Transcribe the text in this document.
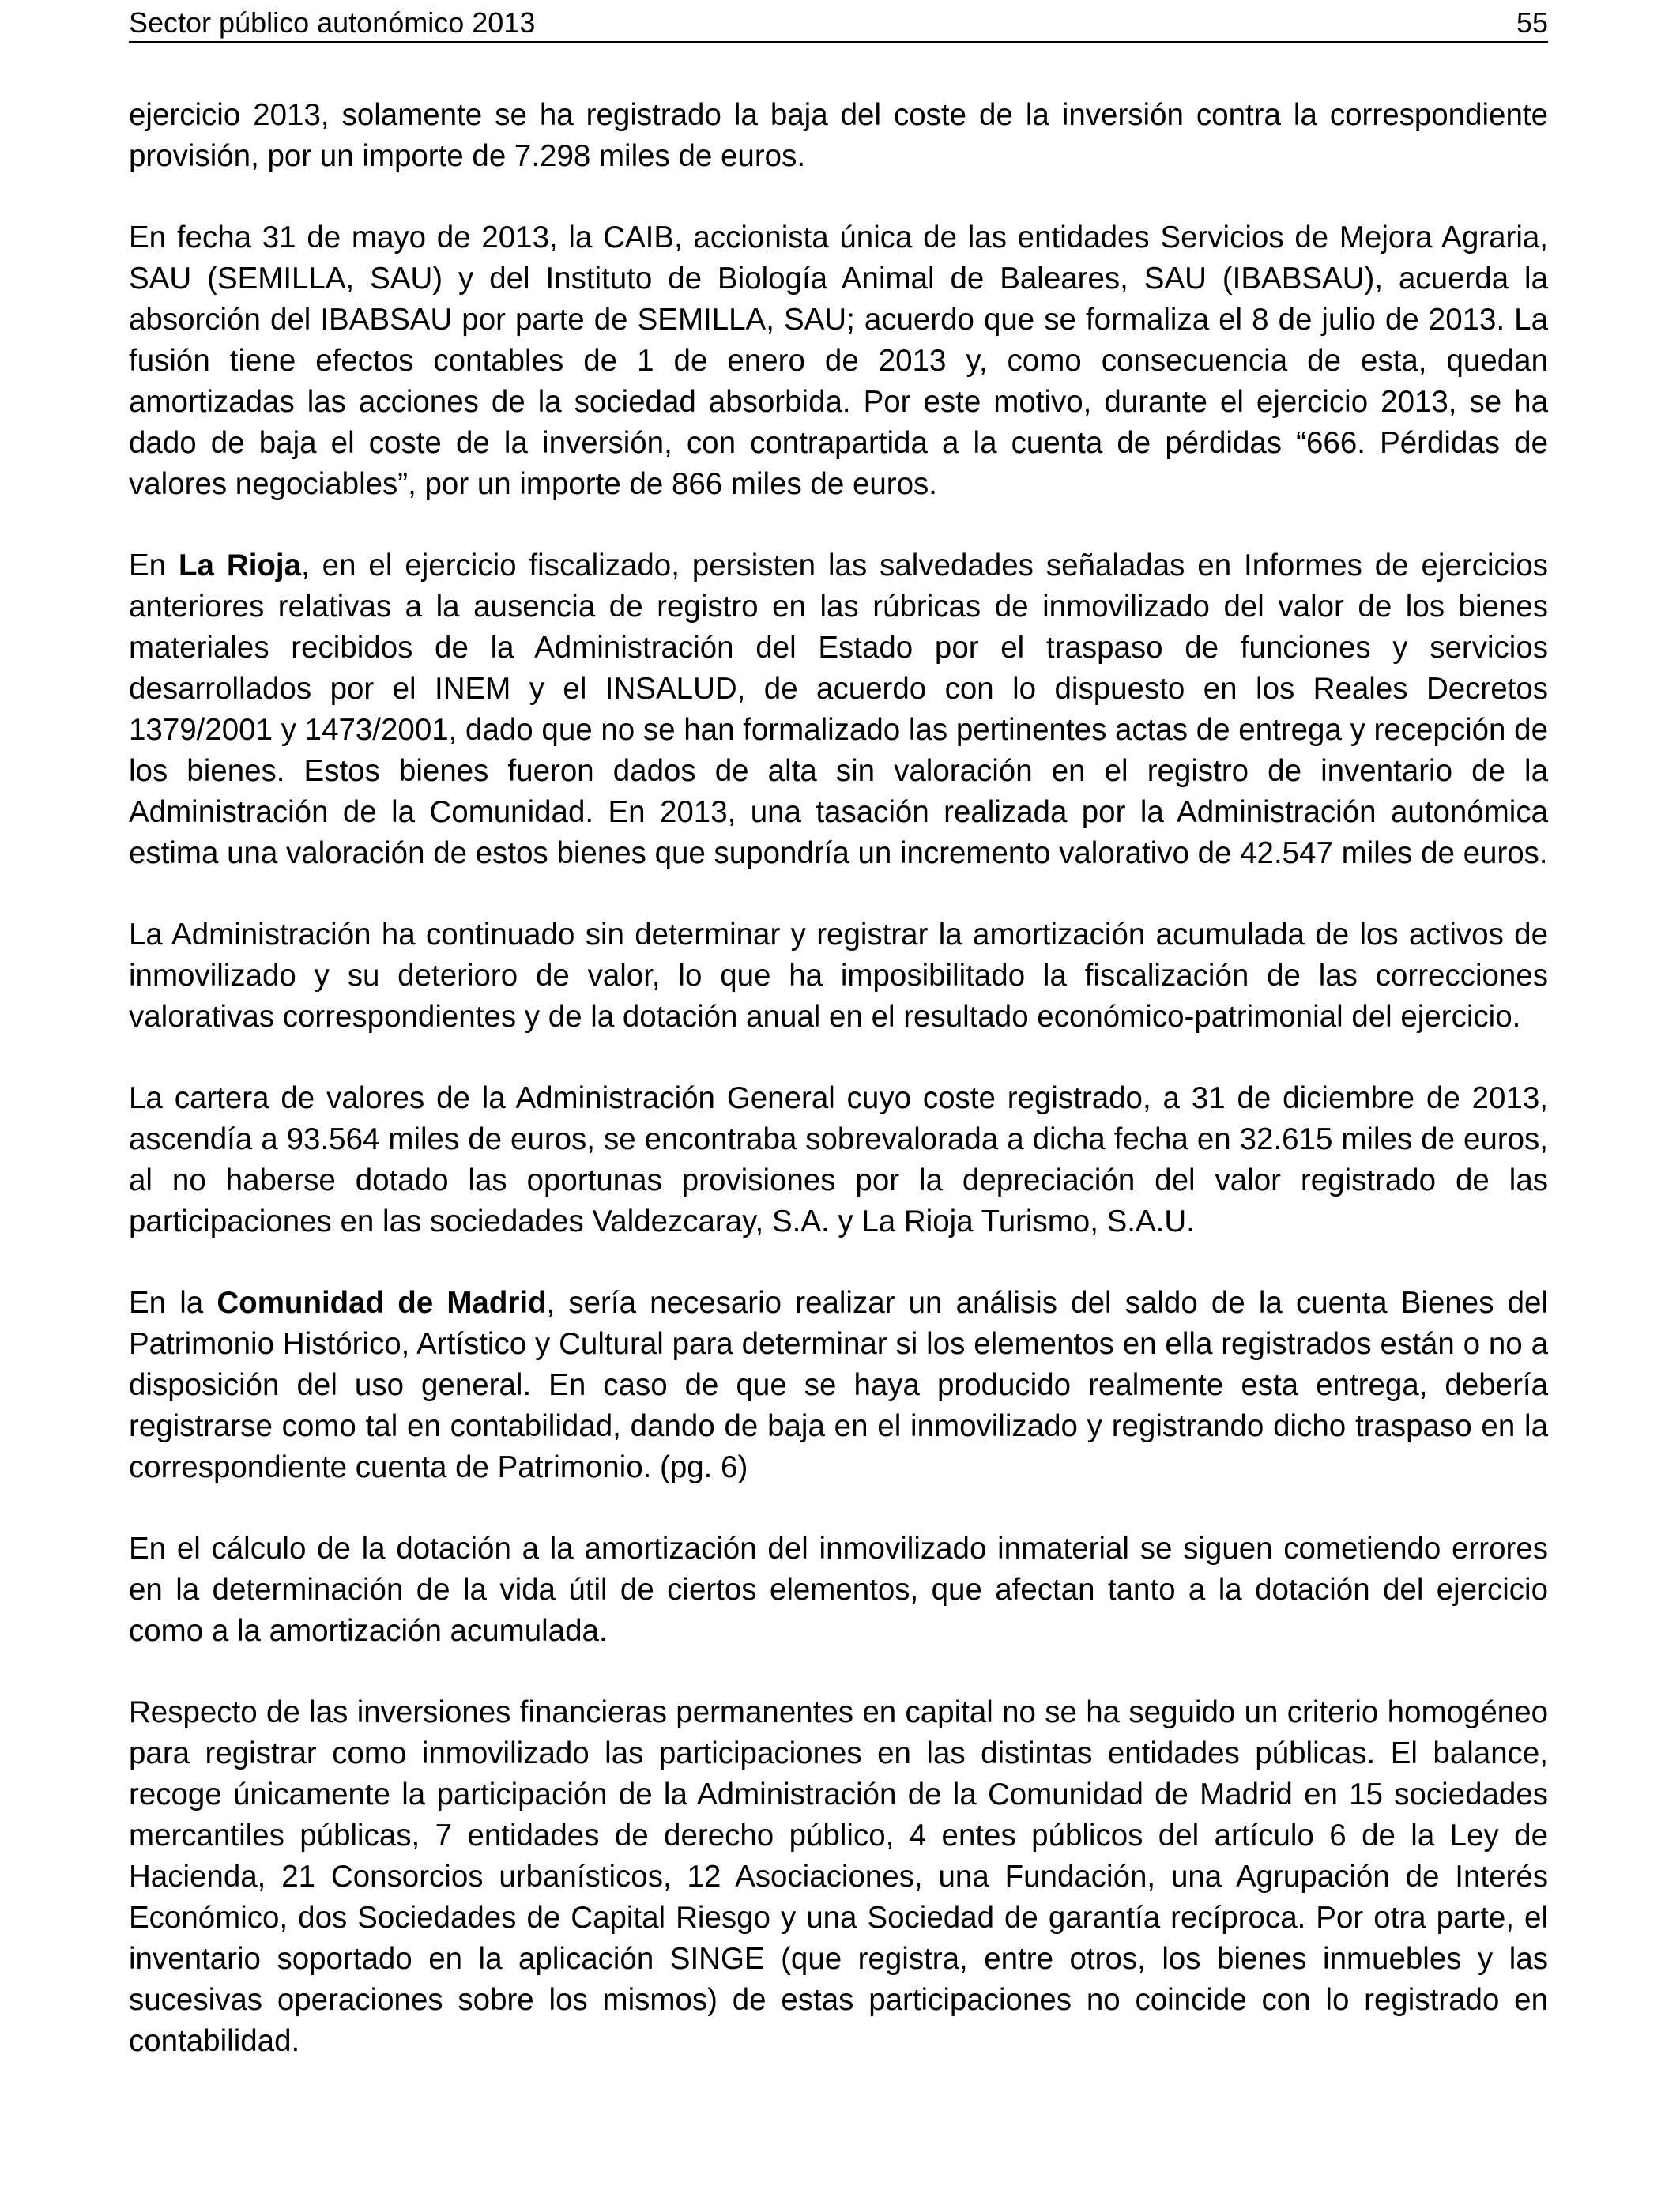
Sector público autonómico 2013	55

ejercicio 2013, solamente se ha registrado la baja del coste de la inversión contra la correspondiente provisión, por un importe de 7.298 miles de euros.

En fecha 31 de mayo de 2013, la CAIB, accionista única de las entidades Servicios de Mejora Agraria, SAU (SEMILLA, SAU) y del Instituto de Biología Animal de Baleares, SAU (IBABSAU), acuerda la absorción del IBABSAU por parte de SEMILLA, SAU; acuerdo que se formaliza el 8 de julio de 2013. La fusión tiene efectos contables de 1 de enero de 2013 y, como consecuencia de esta, quedan amortizadas las acciones de la sociedad absorbida. Por este motivo, durante el ejercicio 2013, se ha dado de baja el coste de la inversión, con contrapartida a la cuenta de pérdidas “666. Pérdidas de valores negociables”, por un importe de 866 miles de euros.

En La Rioja, en el ejercicio fiscalizado, persisten las salvedades señaladas en Informes de ejercicios anteriores relativas a la ausencia de registro en las rúbricas de inmovilizado del valor de los bienes materiales recibidos de la Administración del Estado por el traspaso de funciones y servicios desarrollados por el INEM y el INSALUD, de acuerdo con lo dispuesto en los Reales Decretos 1379/2001 y 1473/2001, dado que no se han formalizado las pertinentes actas de entrega y recepción de los bienes. Estos bienes fueron dados de alta sin valoración en el registro de inventario de la Administración de la Comunidad. En 2013, una tasación realizada por la Administración autonómica estima una valoración de estos bienes que supondría un incremento valorativo de 42.547 miles de euros.

La Administración ha continuado sin determinar y registrar la amortización acumulada de los activos de inmovilizado y su deterioro de valor, lo que ha imposibilitado la fiscalización de las correcciones valorativas correspondientes y de la dotación anual en el resultado económico-patrimonial del ejercicio.

La cartera de valores de la Administración General cuyo coste registrado, a 31 de diciembre de 2013, ascendía a 93.564 miles de euros, se encontraba sobrevalorada a dicha fecha en 32.615 miles de euros, al no haberse dotado las oportunas provisiones por la depreciación del valor registrado de las participaciones en las sociedades Valdezcaray, S.A. y La Rioja Turismo, S.A.U.

En la Comunidad de Madrid, sería necesario realizar un análisis del saldo de la cuenta Bienes del Patrimonio Histórico, Artístico y Cultural para determinar si los elementos en ella registrados están o no a disposición del uso general. En caso de que se haya producido realmente esta entrega, debería registrarse como tal en contabilidad, dando de baja en el inmovilizado y registrando dicho traspaso en la correspondiente cuenta de Patrimonio. (pg. 6)

En el cálculo de la dotación a la amortización del inmovilizado inmaterial se siguen cometiendo errores en la determinación de la vida útil de ciertos elementos, que afectan tanto a la dotación del ejercicio como a la amortización acumulada.

Respecto de las inversiones financieras permanentes en capital no se ha seguido un criterio homogéneo para registrar como inmovilizado las participaciones en las distintas entidades públicas. El balance, recoge únicamente la participación de la Administración de la Comunidad de Madrid en 15 sociedades mercantiles públicas, 7 entidades de derecho público, 4 entes públicos del artículo 6 de la Ley de Hacienda, 21 Consorcios urbanísticos, 12 Asociaciones, una Fundación, una Agrupación de Interés Económico, dos Sociedades de Capital Riesgo y una Sociedad de garantía recíproca. Por otra parte, el inventario soportado en la aplicación SINGE (que registra, entre otros, los bienes inmuebles y las sucesivas operaciones sobre los mismos) de estas participaciones no coincide con lo registrado en contabilidad.
